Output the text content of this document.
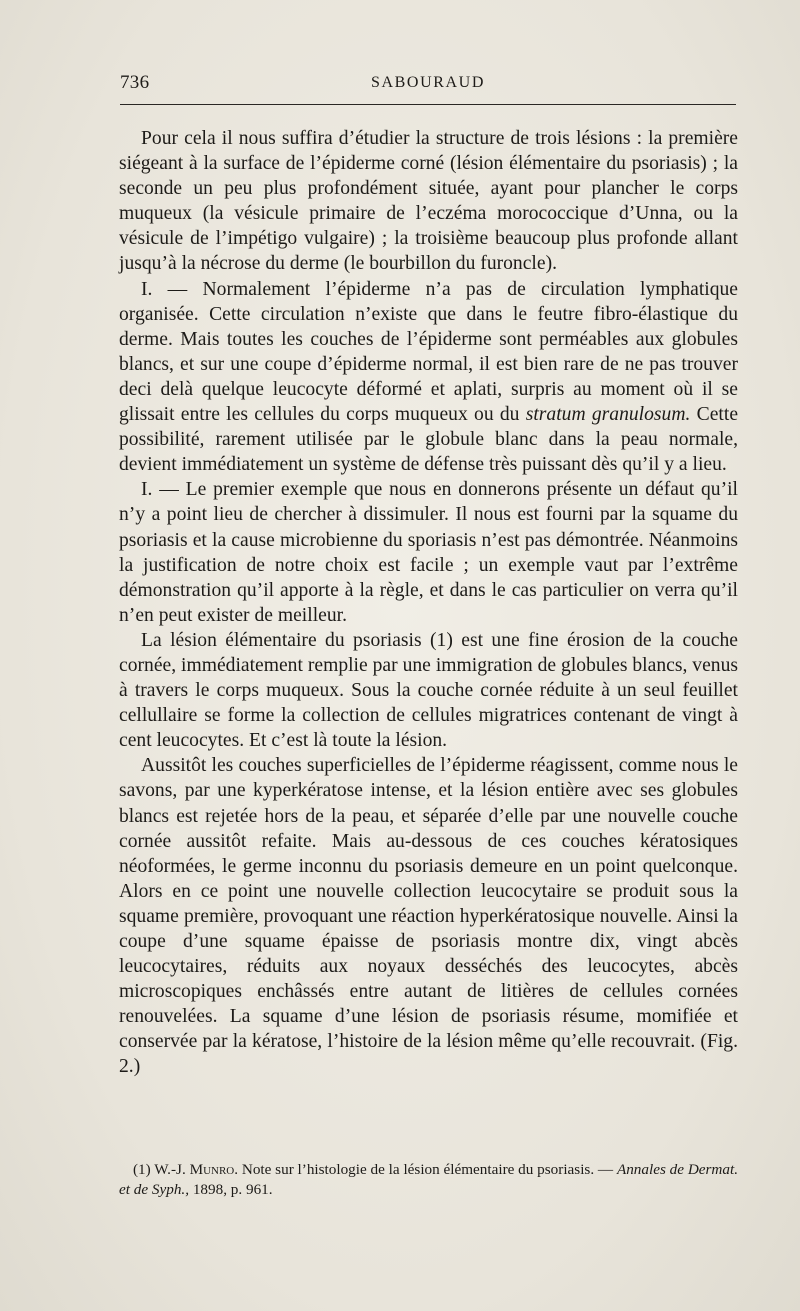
736	SABOURAUD

Pour cela il nous suffira d’étudier la structure de trois lésions : la première siégeant à la surface de l’épiderme corné (lésion élémentaire du psoriasis) ; la seconde un peu plus profondément située, ayant pour plancher le corps muqueux (la vésicule primaire de l’eczéma morococcique d’Unna, ou la vésicule de l’impétigo vulgaire) ; la troisième beaucoup plus profonde allant jusqu’à la nécrose du derme (le bourbillon du furoncle).

I. — Normalement l’épiderme n’a pas de circulation lymphatique organisée. Cette circulation n’existe que dans le feutre fibro-élastique du derme. Mais toutes les couches de l’épiderme sont perméables aux globules blancs, et sur une coupe d’épiderme normal, il est bien rare de ne pas trouver deci delà quelque leucocyte déformé et aplati, surpris au moment où il se glissait entre les cellules du corps muqueux ou du stratum granulosum. Cette possibilité, rarement utilisée par le globule blanc dans la peau normale, devient immédiatement un système de défense très puissant dès qu’il y a lieu.

I. — Le premier exemple que nous en donnerons présente un défaut qu’il n’y a point lieu de chercher à dissimuler. Il nous est fourni par la squame du psoriasis et la cause microbienne du sporiasis n’est pas démontrée. Néanmoins la justification de notre choix est facile ; un exemple vaut par l’extrême démonstration qu’il apporte à la règle, et dans le cas particulier on verra qu’il n’en peut exister de meilleur.

La lésion élémentaire du psoriasis (1) est une fine érosion de la couche cornée, immédiatement remplie par une immigration de globules blancs, venus à travers le corps muqueux. Sous la couche cornée réduite à un seul feuillet cellullaire se forme la collection de cellules migratrices contenant de vingt à cent leucocytes. Et c’est là toute la lésion.

Aussitôt les couches superficielles de l’épiderme réagissent, comme nous le savons, par une kyperkératose intense, et la lésion entière avec ses globules blancs est rejetée hors de la peau, et séparée d’elle par une nouvelle couche cornée aussitôt refaite. Mais au-dessous de ces couches kératosiques néoformées, le germe inconnu du psoriasis demeure en un point quelconque. Alors en ce point une nouvelle collection leucocytaire se produit sous la squame première, provoquant une réaction hyperkératosique nouvelle. Ainsi la coupe d’une squame épaisse de psoriasis montre dix, vingt abcès leucocytaires, réduits aux noyaux desséchés des leucocytes, abcès microscopiques enchâssés entre autant de litières de cellules cornées renouvelées. La squame d’une lésion de psoriasis résume, momifiée et conservée par la kératose, l’histoire de la lésion même qu’elle recouvrait. (Fig. 2.)

(1) W.-J. Munro. Note sur l’histologie de la lésion élémentaire du psoriasis. — Annales de Dermat. et de Syph., 1898, p. 961.
